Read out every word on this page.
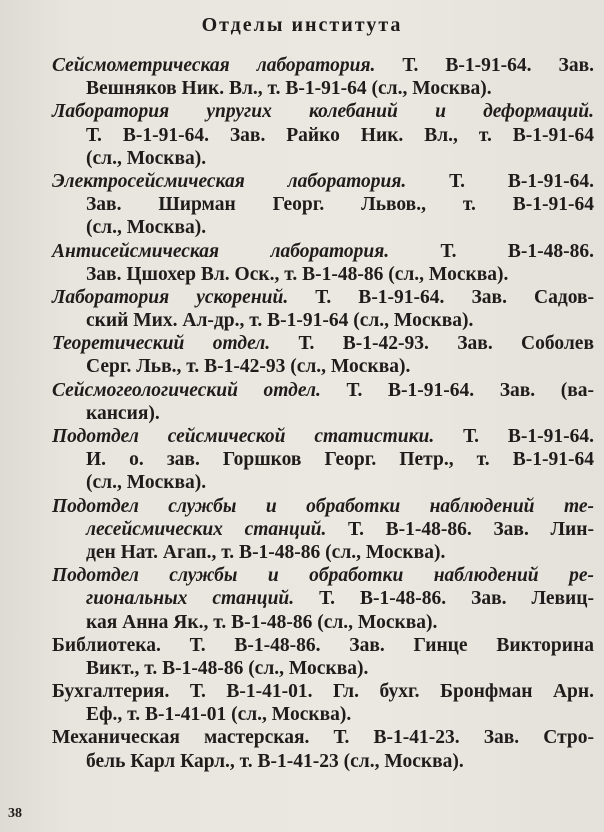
Отделы института
Сейсмометрическая лаборатория. Т. В-1-91-64. Зав.
Вешняков Ник. Вл., т. В-1-91-64 (сл., Москва).
Лаборатория упругих колебаний и деформаций.
Т. В-1-91-64. Зав. Райко Ник. Вл., т. В-1-91-64
(сл., Москва).
Электросейсмическая лаборатория. Т. В-1-91-64.
Зав. Ширман Георг. Львов., т. В-1-91-64
(сл., Москва).
Антисейсмическая лаборатория. Т. В-1-48-86.
Зав. Цшохер Вл. Оск., т. В-1-48-86 (сл., Москва).
Лаборатория ускорений. Т. В-1-91-64. Зав. Садов-
ский Мих. Ал-др., т. В-1-91-64 (сл., Москва).
Теоретический отдел. Т. В-1-42-93. Зав. Соболев
Серг. Льв., т. В-1-42-93 (сл., Москва).
Сейсмогеологический отдел. Т. В-1-91-64. Зав. (ва-
кансия).
Подотдел сейсмической статистики. Т. В-1-91-64.
И. о. зав. Горшков Георг. Петр., т. В-1-91-64
(сл., Москва).
Подотдел службы и обработки наблюдений те-
лесейсмических станций. Т. В-1-48-86. Зав. Лин-
ден Нат. Агап., т. В-1-48-86 (сл., Москва).
Подотдел службы и обработки наблюдений ре-
гиональных станций. Т. В-1-48-86. Зав. Левиц-
кая Анна Як., т. В-1-48-86 (сл., Москва).
Библиотека. Т. В-1-48-86. Зав. Гинце Викторина
Викт., т. В-1-48-86 (сл., Москва).
Бухгалтерия. Т. В-1-41-01. Гл. бухг. Бронфман Арн.
Еф., т. В-1-41-01 (сл., Москва).
Механическая мастерская. Т. В-1-41-23. Зав. Стро-
бель Карл Карл., т. В-1-41-23 (сл., Москва).
38
